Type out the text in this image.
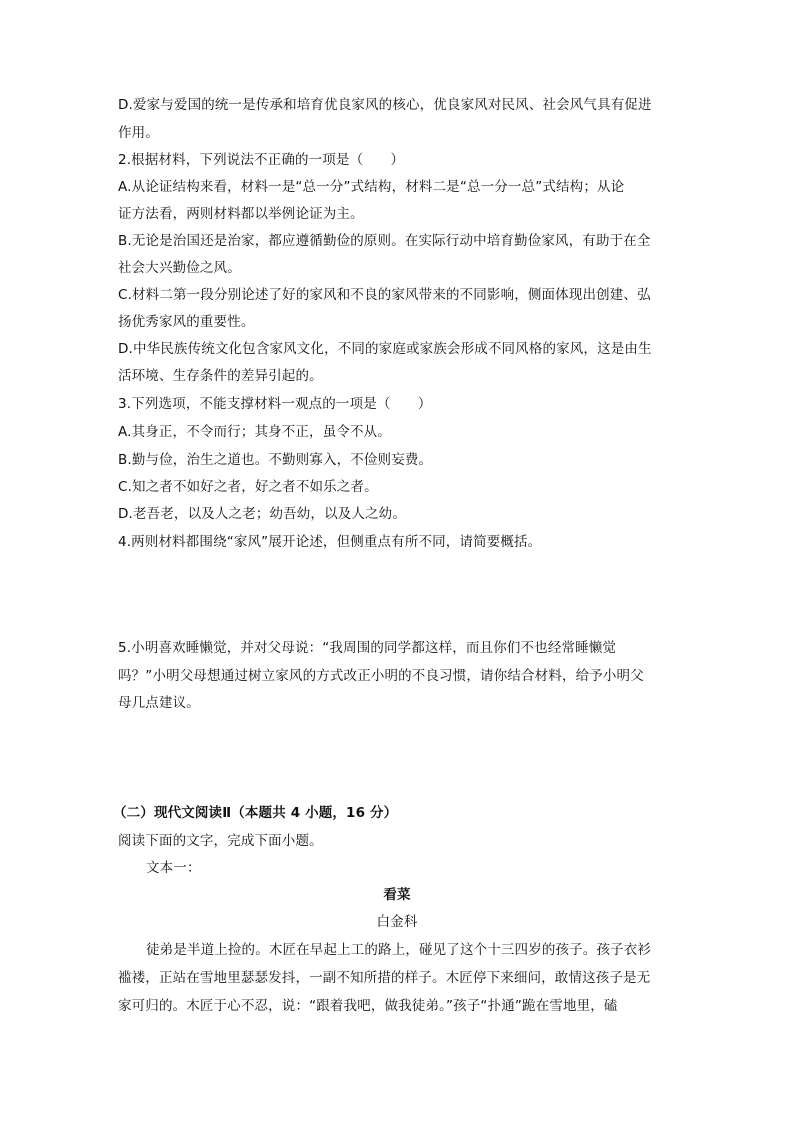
D.爱家与爱国的统一是传承和培育优良家风的核心，优良家风对民风、社会风气具有促进
作用。
2.根据材料，下列说法不正确的一项是（　　）
A.从论证结构来看，材料一是“总一分”式结构，材料二是“总一分一总”式结构；从论
证方法看，两则材料都以举例论证为主。
B.无论是治国还是治家，都应遵循勤俭的原则。在实际行动中培育勤俭家风，有助于在全
社会大兴勤俭之风。
C.材料二第一段分别论述了好的家风和不良的家风带来的不同影响，侧面体现出创建、弘
扬优秀家风的重要性。
D.中华民族传统文化包含家风文化，不同的家庭或家族会形成不同风格的家风，这是由生
活环境、生存条件的差异引起的。
3.下列选项，不能支撑材料一观点的一项是（　　）
A.其身正，不令而行；其身不正，虽令不从。
B.勤与俭，治生之道也。不勤则寡入，不俭则妄费。
C.知之者不如好之者，好之者不如乐之者。
D.老吾老，以及人之老；幼吾幼，以及人之幼。
4.两则材料都围绕“家风”展开论述，但侧重点有所不同，请简要概括。
5.小明喜欢睡懒觉，并对父母说：“我周围的同学都这样，而且你们不也经常睡懒觉
吗？”小明父母想通过树立家风的方式改正小明的不良习惯，请你结合材料，给予小明父
母几点建议。
（二）现代文阅读Ⅱ（本题共 4 小题，16 分）
阅读下面的文字，完成下面小题。
文本一：
看菜
白金科
徒弟是半道上捡的。木匠在早起上工的路上，碰见了这个十三四岁的孩子。孩子衣衫
褴褛，正站在雪地里瑟瑟发抖，一副不知所措的样子。木匠停下来细问，敢情这孩子是无
家可归的。木匠于心不忍，说：“跟着我吧，做我徒弟。”孩子“扑通”跪在雪地里，磕
